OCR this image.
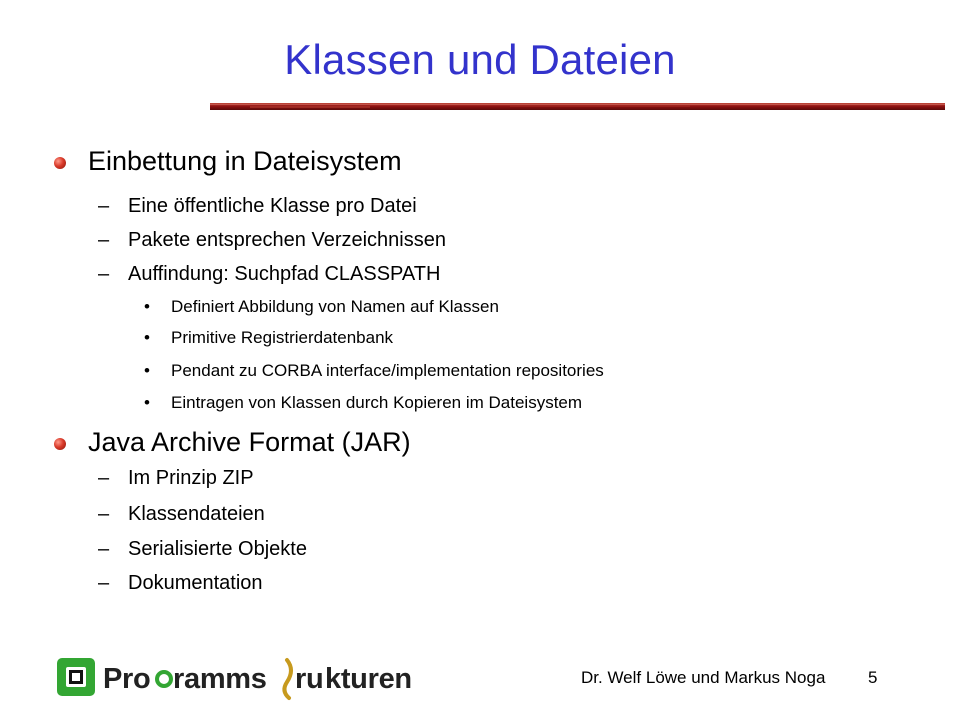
Klassen und Dateien
Einbettung in Dateisystem
– Eine öffentliche Klasse pro Datei
– Pakete entsprechen Verzeichnissen
– Auffindung: Suchpfad CLASSPATH
• Definiert Abbildung von Namen auf Klassen
• Primitive Registrierdatenbank
• Pendant zu CORBA interface/implementation repositories
• Eintragen von Klassen durch Kopieren im Dateisystem
Java Archive Format (JAR)
– Im Prinzip ZIP
– Klassendateien
– Serialisierte Objekte
– Dokumentation
Pro ramms ru kturen	Dr. Welf Löwe und Markus Noga	5
